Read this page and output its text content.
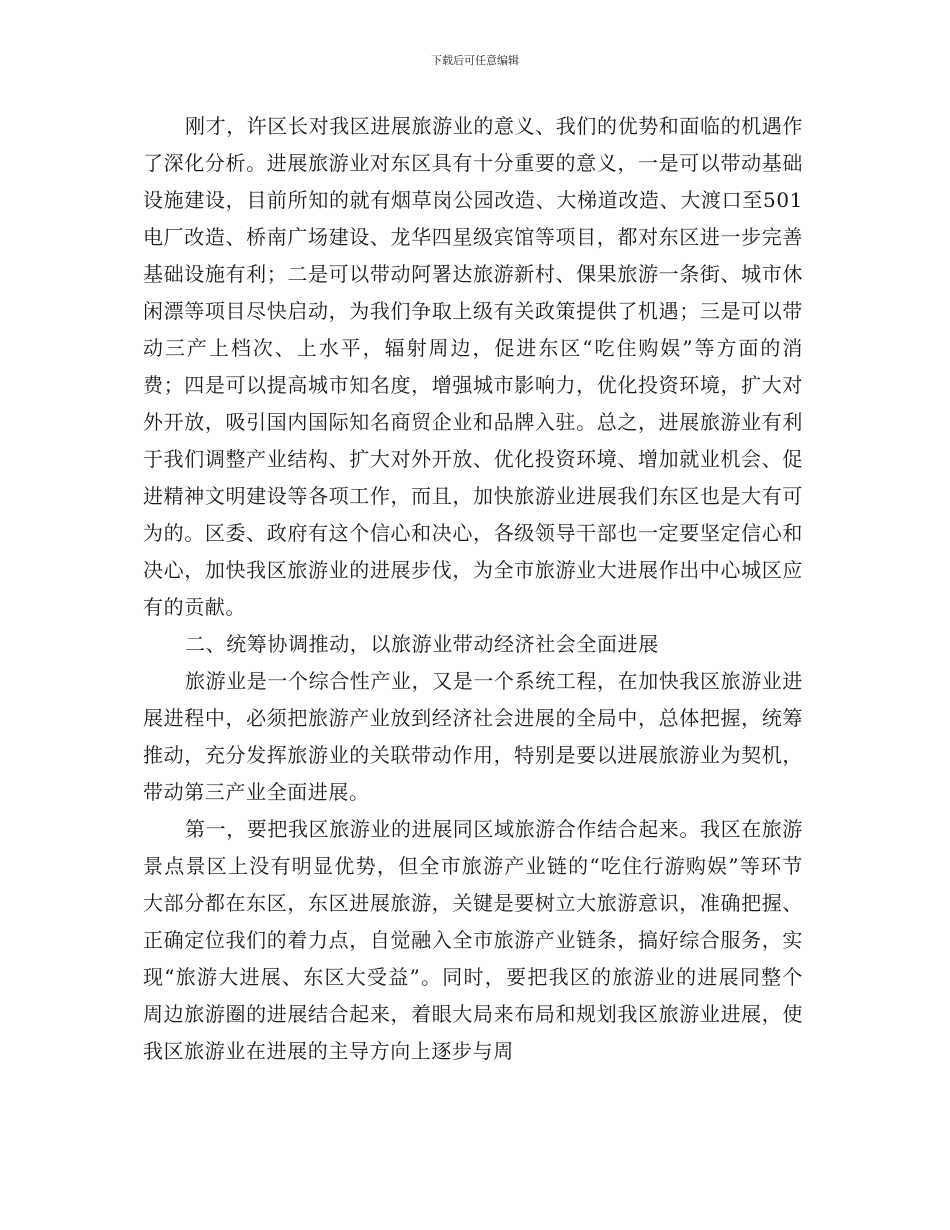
下载后可任意编辑

刚才，许区长对我区进展旅游业的意义、我们的优势和面临的机遇作了深化分析。进展旅游业对东区具有十分重要的意义，一是可以带动基础设施建设，目前所知的就有烟草岗公园改造、大梯道改造、大渡口至501电厂改造、桥南广场建设、龙华四星级宾馆等项目，都对东区进一步完善基础设施有利；二是可以带动阿署达旅游新村、倮果旅游一条街、城市休闲漂等项目尽快启动，为我们争取上级有关政策提供了机遇；三是可以带动三产上档次、上水平，辐射周边，促进东区“吃住购娱”等方面的消费；四是可以提高城市知名度，增强城市影响力，优化投资环境，扩大对外开放，吸引国内国际知名商贸企业和品牌入驻。总之，进展旅游业有利于我们调整产业结构、扩大对外开放、优化投资环境、增加就业机会、促进精神文明建设等各项工作，而且，加快旅游业进展我们东区也是大有可为的。区委、政府有这个信心和决心，各级领导干部也一定要坚定信心和决心，加快我区旅游业的进展步伐，为全市旅游业大进展作出中心城区应有的贡献。

二、统筹协调推动，以旅游业带动经济社会全面进展

旅游业是一个综合性产业，又是一个系统工程，在加快我区旅游业进展进程中，必须把旅游产业放到经济社会进展的全局中，总体把握，统筹推动，充分发挥旅游业的关联带动作用，特别是要以进展旅游业为契机，带动第三产业全面进展。

第一，要把我区旅游业的进展同区域旅游合作结合起来。我区在旅游景点景区上没有明显优势，但全市旅游产业链的“吃住行游购娱”等环节大部分都在东区，东区进展旅游，关键是要树立大旅游意识，准确把握、正确定位我们的着力点，自觉融入全市旅游产业链条，搞好综合服务，实现“旅游大进展、东区大受益”。同时，要把我区的旅游业的进展同整个周边旅游圈的进展结合起来，着眼大局来布局和规划我区旅游业进展，使我区旅游业在进展的主导方向上逐步与周
